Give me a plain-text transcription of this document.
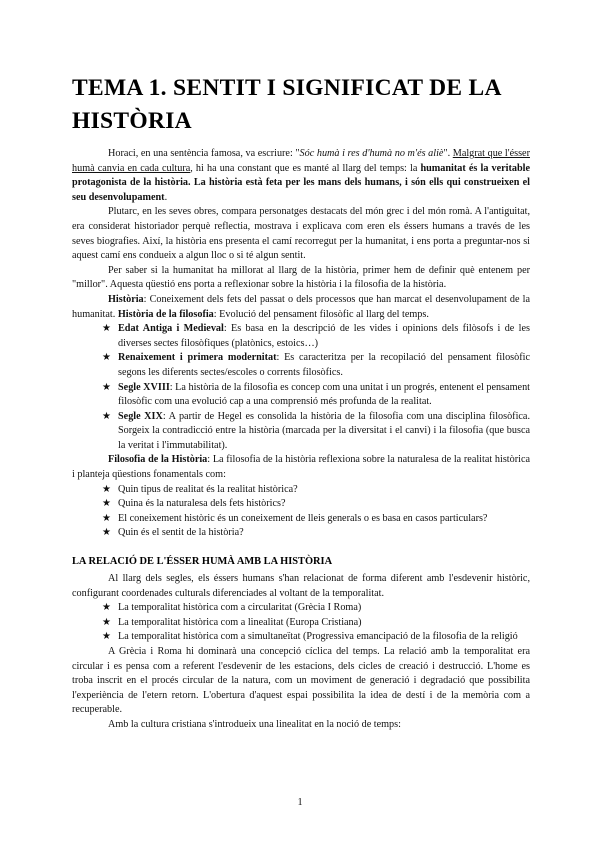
TEMA 1. SENTIT I SIGNIFICAT DE LA HISTÒRIA

Horaci, en una sentència famosa, va escriure: "Sóc humà i res d'humà no m'és aliè". Malgrat que l'ésser humà canvia en cada cultura, hi ha una constant que es manté al llarg del temps: la humanitat és la veritable protagonista de la història. La història està feta per les mans dels humans, i són ells qui construeixen el seu desenvolupament.

Plutarc, en les seves obres, compara personatges destacats del món grec i del món romà. A l'antiguitat, era considerat historiador perquè reflectia, mostrava i explicava com eren els éssers humans a través de les seves biografies. Així, la història ens presenta el camí recorregut per la humanitat, i ens porta a preguntar-nos si aquest camí ens condueix a algun lloc o si té algun sentit.

Per saber si la humanitat ha millorat al llarg de la història, primer hem de definir què entenem per "millor". Aquesta qüestió ens porta a reflexionar sobre la història i la filosofia de la història.

Història: Coneixement dels fets del passat o dels processos que han marcat el desenvolupament de la humanitat. Història de la filosofia: Evolució del pensament filosòfic al llarg del temps.

★ Edat Antiga i Medieval: Es basa en la descripció de les vides i opinions dels filòsofs i de les diverses sectes filosòfiques (platònics, estoics…)
★ Renaixement i primera modernitat: Es caracteritza per la recopilació del pensament filosòfic segons les diferents sectes/escoles o corrents filosòfics.
★ Segle XVIII: La història de la filosofia es concep com una unitat i un progrés, entenent el pensament filosòfic com una evolució cap a una comprensió més profunda de la realitat.
★ Segle XIX: A partir de Hegel es consolida la història de la filosofia com una disciplina filosòfica. Sorgeix la contradicció entre la història (marcada per la diversitat i el canvi) i la filosofia (que busca la veritat i l'immutabilitat).

Filosofia de la Història: La filosofia de la història reflexiona sobre la naturalesa de la realitat històrica i planteja qüestions fonamentals com:

★ Quin tipus de realitat és la realitat històrica?
★ Quina és la naturalesa dels fets històrics?
★ El coneixement històric és un coneixement de lleis generals o es basa en casos particulars?
★ Quin és el sentit de la història?
LA RELACIÓ DE L'ÉSSER HUMÀ AMB LA HISTÒRIA

Al llarg dels segles, els éssers humans s'han relacionat de forma diferent amb l'esdevenir històric, configurant coordenades culturals diferenciades al voltant de la temporalitat.

★ La temporalitat històrica com a circularitat (Grècia I Roma)
★ La temporalitat històrica com a linealitat (Europa Cristiana)
★ La temporalitat històrica com a simultaneïtat (Progressiva emancipació de la filosofia de la religió

A Grècia i Roma hi dominarà una concepció cíclica del temps. La relació amb la temporalitat era circular i es pensa com a referent l'esdevenir de les estacions, dels cicles de creació i destrucció. L'home es troba inscrit en el procés circular de la natura, com un moviment de generació i degradació que possibilita l'experiència de l'etern retorn. L'obertura d'aquest espai possibilita la idea de destí i de la memòria com a recuperable.

Amb la cultura cristiana s'introdueix una linealitat en la noció de temps:

1
